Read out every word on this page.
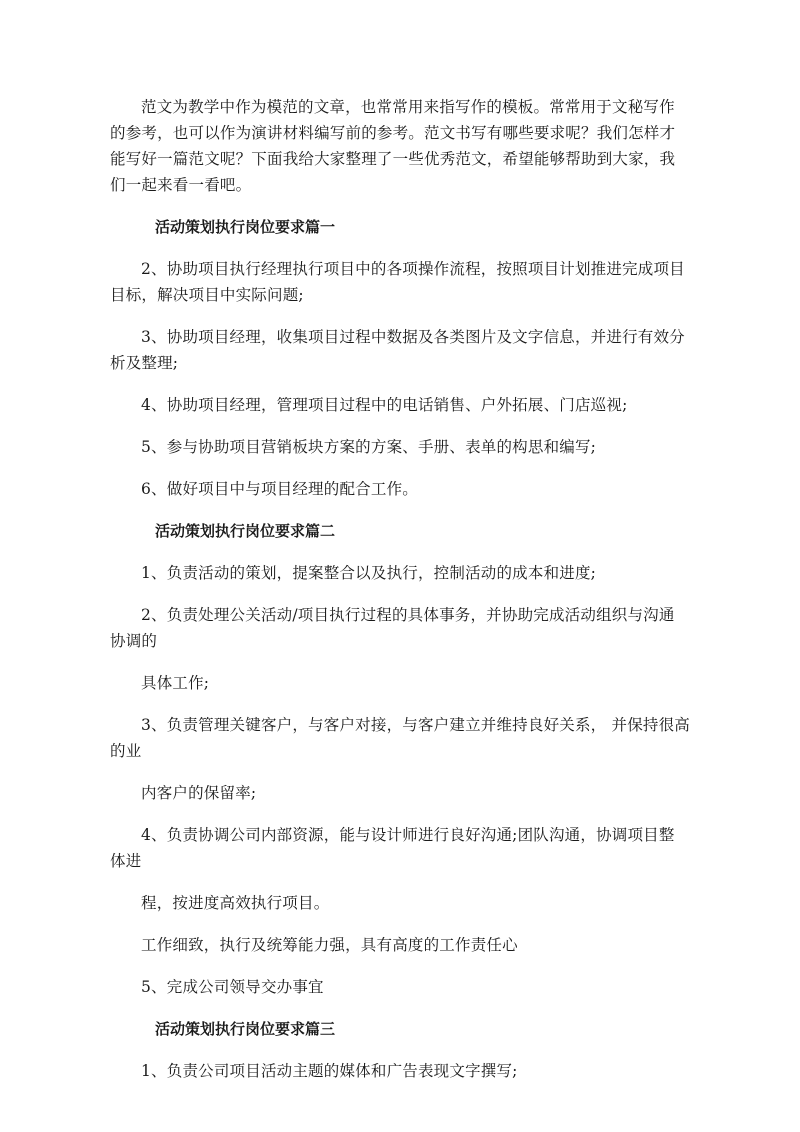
范文为教学中作为模范的文章，也常常用来指写作的模板。常常用于文秘写作的参考，也可以作为演讲材料编写前的参考。范文书写有哪些要求呢？我们怎样才能写好一篇范文呢？下面我给大家整理了一些优秀范文，希望能够帮助到大家，我们一起来看一看吧。

活动策划执行岗位要求篇一

2、协助项目执行经理执行项目中的各项操作流程，按照项目计划推进完成项目目标，解决项目中实际问题;

3、协助项目经理，收集项目过程中数据及各类图片及文字信息，并进行有效分析及整理;

4、协助项目经理，管理项目过程中的电话销售、户外拓展、门店巡视;

5、参与协助项目营销板块方案的方案、手册、表单的构思和编写;

6、做好项目中与项目经理的配合工作。

活动策划执行岗位要求篇二

1、负责活动的策划，提案整合以及执行，控制活动的成本和进度;

2、负责处理公关活动/项目执行过程的具体事务，并协助完成活动组织与沟通协调的

具体工作;

3、负责管理关键客户，与客户对接，与客户建立并维持良好关系， 并保持很高的业

内客户的保留率;

4、负责协调公司内部资源，能与设计师进行良好沟通;团队沟通，协调项目整体进

程，按进度高效执行项目。

工作细致，执行及统筹能力强，具有高度的工作责任心

5、完成公司领导交办事宜

活动策划执行岗位要求篇三

1、负责公司项目活动主题的媒体和广告表现文字撰写;
